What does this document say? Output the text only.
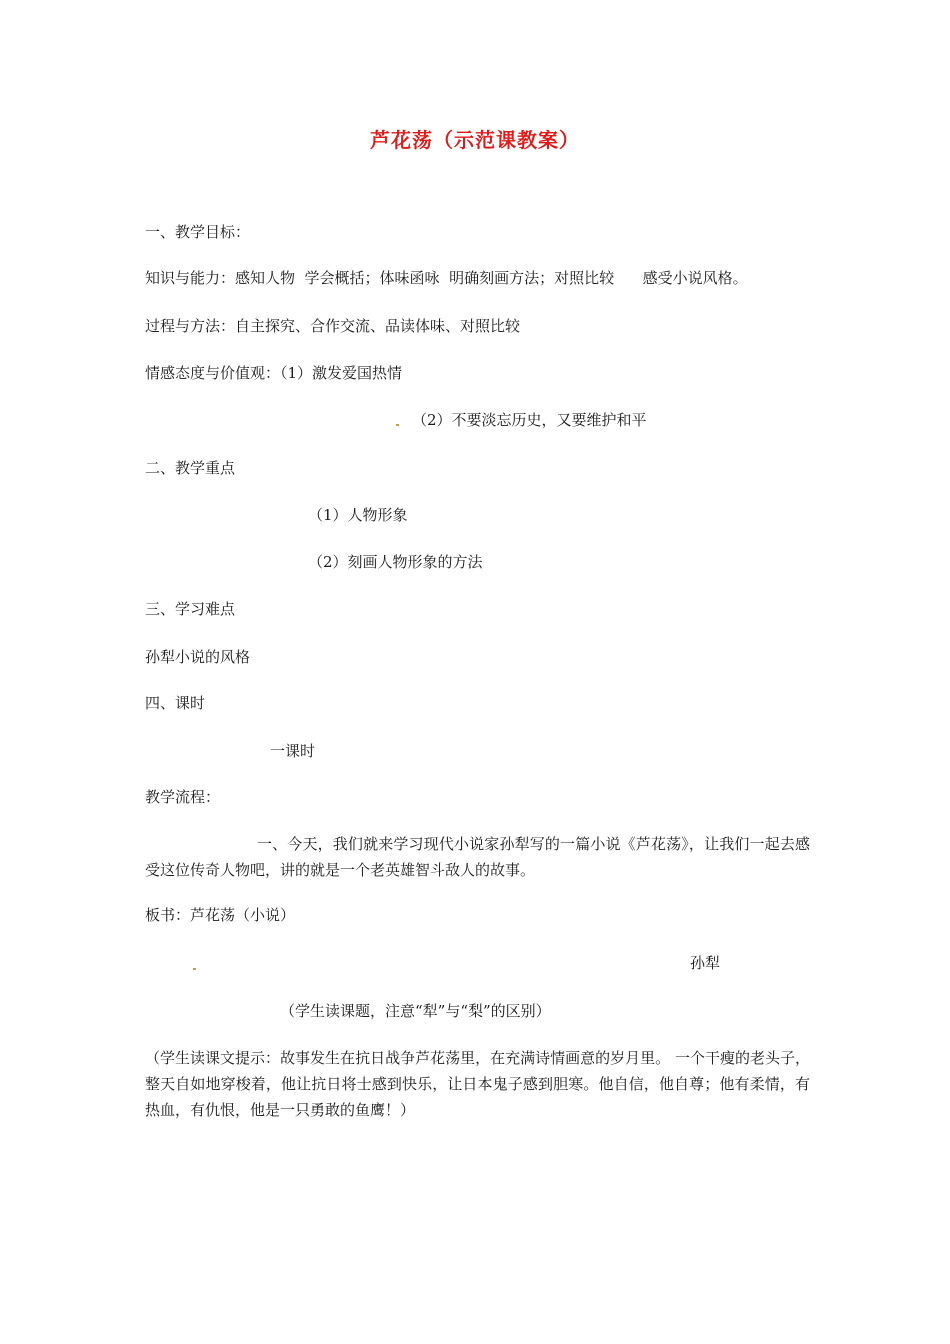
芦花荡（示范课教案）
一、教学目标：
知识与能力：感知人物  学会概括；体味函咏  明确刻画方法；对照比较      感受小说风格。
过程与方法：自主探究、合作交流、品读体味、对照比较
情感态度与价值观：（1）激发爱国热情
（2）不要淡忘历史，又要维护和平
二、教学重点
（1）人物形象
（2）刻画人物形象的方法
三、学习难点
孙犁小说的风格
四、课时
一课时
教学流程：
一、今天，我们就来学习现代小说家孙犁写的一篇小说《芦花荡》，让我们一起去感受这位传奇人物吧，讲的就是一个老英雄智斗敌人的故事。
板书：芦花荡（小说）
孙犁
（学生读课题，注意“犁”与“梨”的区别）
（学生读课文提示：故事发生在抗日战争芦花荡里，在充满诗情画意的岁月里。 一个干瘦的老头子，整天自如地穿梭着，他让抗日将士感到快乐，让日本鬼子感到胆寒。他自信，他自尊；他有柔情，有热血，有仇恨，他是一只勇敢的鱼鹰！）
